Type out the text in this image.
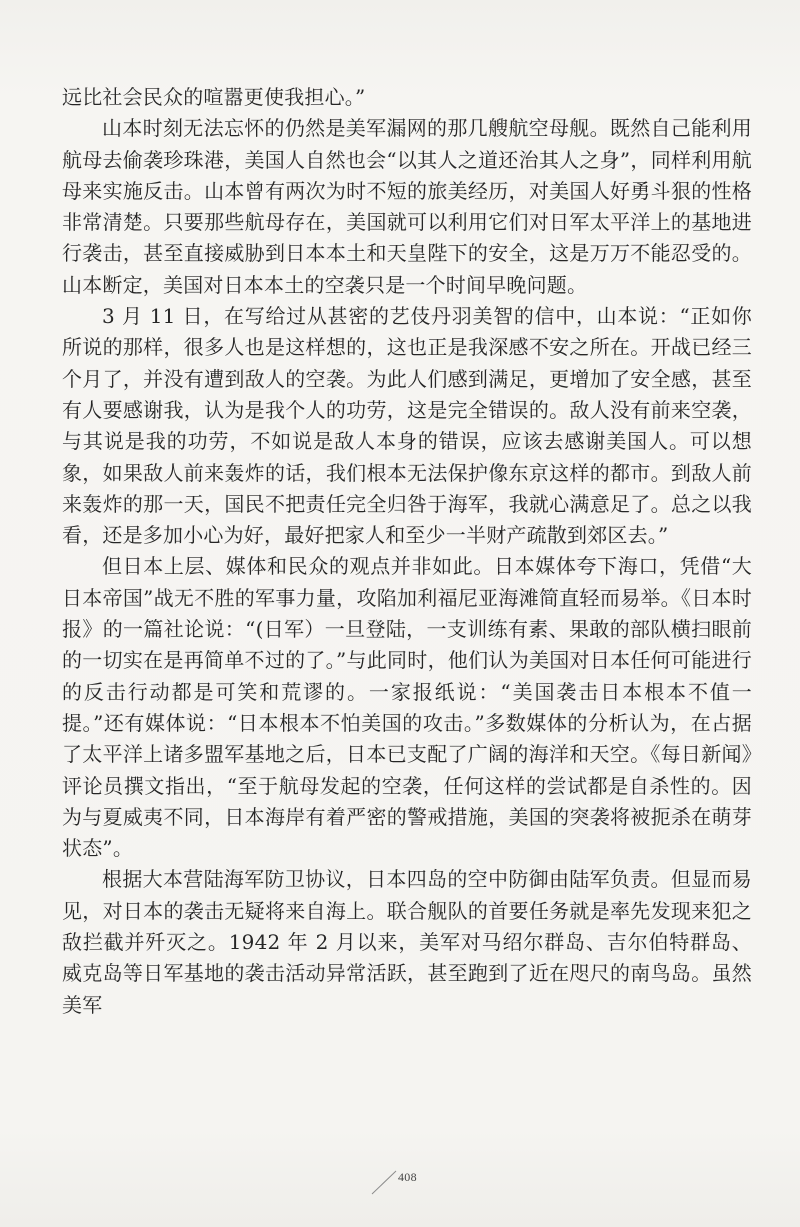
远比社会民众的喧嚣更使我担心。”

山本时刻无法忘怀的仍然是美军漏网的那几艘航空母舰。既然自己能利用航母去偷袭珍珠港，美国人自然也会“以其人之道还治其人之身”，同样利用航母来实施反击。山本曾有两次为时不短的旅美经历，对美国人好勇斗狠的性格非常清楚。只要那些航母存在，美国就可以利用它们对日军太平洋上的基地进行袭击，甚至直接威胁到日本本土和天皇陛下的安全，这是万万不能忍受的。山本断定，美国对日本本土的空袭只是一个时间早晚问题。

3 月 11 日，在写给过从甚密的艺伎丹羽美智的信中，山本说：“正如你所说的那样，很多人也是这样想的，这也正是我深感不安之所在。开战已经三个月了，并没有遭到敌人的空袭。为此人们感到满足，更增加了安全感，甚至有人要感谢我，认为是我个人的功劳，这是完全错误的。敌人没有前来空袭，与其说是我的功劳，不如说是敌人本身的错误，应该去感谢美国人。可以想象，如果敌人前来轰炸的话，我们根本无法保护像东京这样的都市。到敌人前来轰炸的那一天，国民不把责任完全归咎于海军，我就心满意足了。总之以我看，还是多加小心为好，最好把家人和至少一半财产疏散到郊区去。”

但日本上层、媒体和民众的观点并非如此。日本媒体夸下海口，凭借“大日本帝国”战无不胜的军事力量，攻陷加利福尼亚海滩简直轻而易举。《日本时报》的一篇社论说：“(日军）一旦登陆，一支训练有素、果敢的部队横扫眼前的一切实在是再简单不过的了。”与此同时，他们认为美国对日本任何可能进行的反击行动都是可笑和荒谬的。一家报纸说：“美国袭击日本根本不值一提。”还有媒体说：“日本根本不怕美国的攻击。”多数媒体的分析认为，在占据了太平洋上诸多盟军基地之后，日本已支配了广阔的海洋和天空。《每日新闻》评论员撰文指出，“至于航母发起的空袭，任何这样的尝试都是自杀性的。因为与夏威夷不同，日本海岸有着严密的警戒措施，美国的突袭将被扼杀在萌芽状态”。

根据大本营陆海军防卫协议，日本四岛的空中防御由陆军负责。但显而易见，对日本的袭击无疑将来自海上。联合舰队的首要任务就是率先发现来犯之敌拦截并歼灭之。1942 年 2 月以来，美军对马绍尔群岛、吉尔伯特群岛、威克岛等日军基地的袭击活动异常活跃，甚至跑到了近在咫尺的南鸟岛。虽然美军

408
